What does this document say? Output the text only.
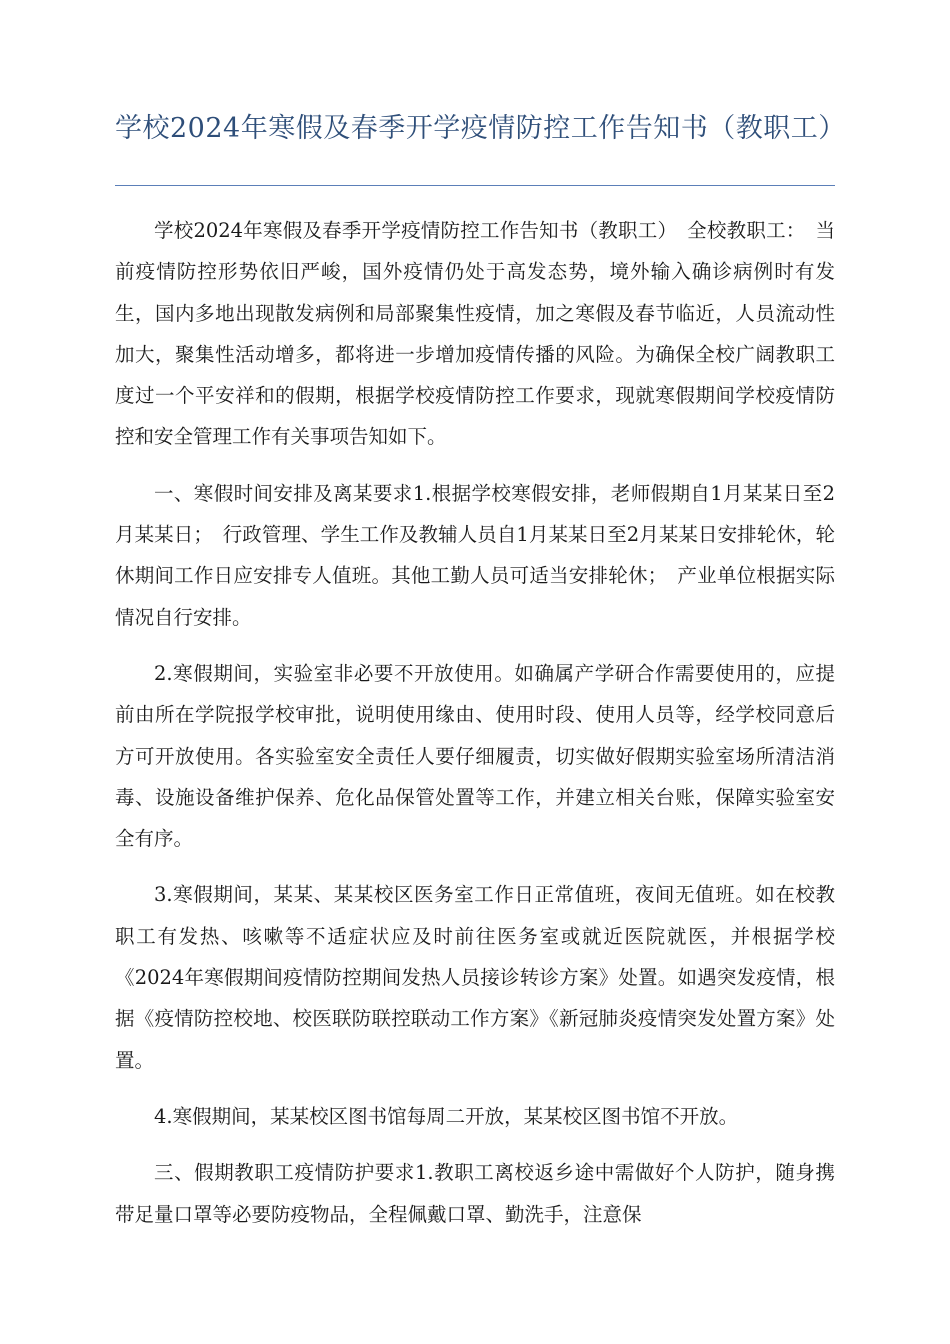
学校2024年寒假及春季开学疫情防控工作告知书（教职工）

学校2024年寒假及春季开学疫情防控工作告知书（教职工）　全校教职工：　当前疫情防控形势依旧严峻，国外疫情仍处于高发态势，境外输入确诊病例时有发生，国内多地出现散发病例和局部聚集性疫情，加之寒假及春节临近，人员流动性加大，聚集性活动增多，都将进一步增加疫情传播的风险。为确保全校广阔教职工度过一个平安祥和的假期，根据学校疫情防控工作要求，现就寒假期间学校疫情防控和安全管理工作有关事项告知如下。

一、寒假时间安排及离某要求1.根据学校寒假安排，老师假期自1月某某日至2月某某日；　行政管理、学生工作及教辅人员自1月某某日至2月某某日安排轮休，轮休期间工作日应安排专人值班。其他工勤人员可适当安排轮休；　产业单位根据实际情况自行安排。

2.寒假期间，实验室非必要不开放使用。如确属产学研合作需要使用的，应提前由所在学院报学校审批，说明使用缘由、使用时段、使用人员等，经学校同意后方可开放使用。各实验室安全责任人要仔细履责，切实做好假期实验室场所清洁消毒、设施设备维护保养、危化品保管处置等工作，并建立相关台账，保障实验室安全有序。

3.寒假期间，某某、某某校区医务室工作日正常值班，夜间无值班。如在校教职工有发热、咳嗽等不适症状应及时前往医务室或就近医院就医，并根据学校《2024年寒假期间疫情防控期间发热人员接诊转诊方案》处置。如遇突发疫情，根据《疫情防控校地、校医联防联控联动工作方案》《新冠肺炎疫情突发处置方案》处置。

4.寒假期间，某某校区图书馆每周二开放，某某校区图书馆不开放。

三、假期教职工疫情防护要求1.教职工离校返乡途中需做好个人防护，随身携带足量口罩等必要防疫物品，全程佩戴口罩、勤洗手，注意保
